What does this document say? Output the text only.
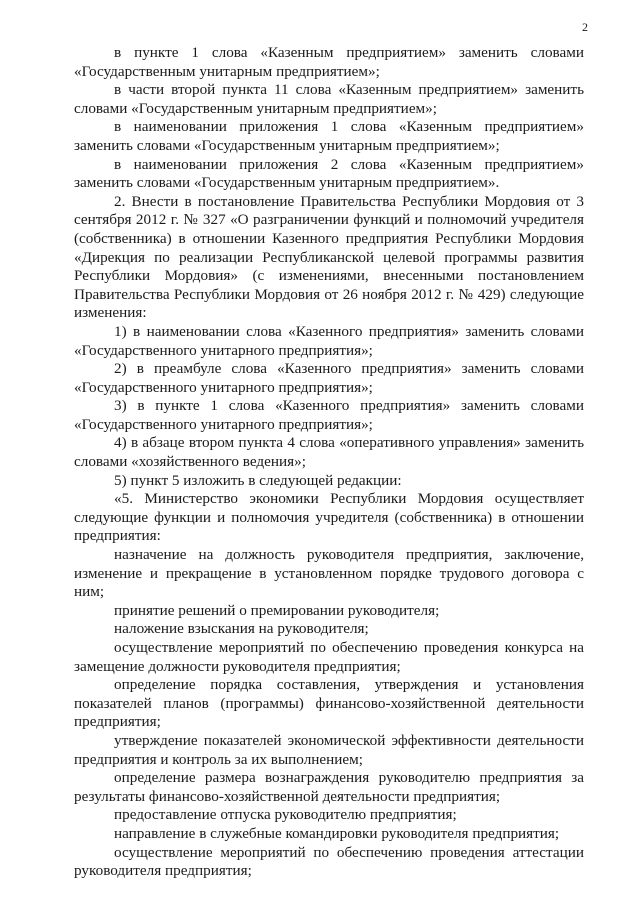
2

в пункте 1 слова «Казенным предприятием» заменить словами «Государственным унитарным предприятием»;

в части второй пункта 11 слова «Казенным предприятием» заменить словами «Государственным унитарным предприятием»;

в наименовании приложения 1 слова «Казенным предприятием» заменить словами «Государственным унитарным предприятием»;

в наименовании приложения 2 слова «Казенным предприятием» заменить словами «Государственным унитарным предприятием».

2. Внести в постановление Правительства Республики Мордовия от 3 сентября 2012 г. № 327 «О разграничении функций и полномочий учредителя (собственника) в отношении Казенного предприятия Республики Мордовия «Дирекция по реализации Республиканской целевой программы развития Республики Мордовия» (с изменениями, внесенными постановлением Правительства Республики Мордовия от 26 ноября 2012 г. № 429) следующие изменения:

1) в наименовании слова «Казенного предприятия» заменить словами «Государственного унитарного предприятия»;

2) в преамбуле слова «Казенного предприятия» заменить словами «Государственного унитарного предприятия»;

3) в пункте 1 слова «Казенного предприятия» заменить словами «Государственного унитарного предприятия»;

4) в абзаце втором пункта 4 слова «оперативного управления» заменить словами «хозяйственного ведения»;

5) пункт 5 изложить в следующей редакции:

«5. Министерство экономики Республики Мордовия осуществляет следующие функции и полномочия учредителя (собственника) в отношении предприятия:

назначение на должность руководителя предприятия, заключение, изменение и прекращение в установленном порядке трудового договора с ним;

принятие решений о премировании руководителя;

наложение взыскания на руководителя;

осуществление мероприятий по обеспечению проведения конкурса на замещение должности руководителя предприятия;

определение порядка составления, утверждения и установления показателей планов (программы) финансово-хозяйственной деятельности предприятия;

утверждение показателей экономической эффективности деятельности предприятия и контроль за их выполнением;

определение размера вознаграждения руководителю предприятия за результаты финансово-хозяйственной деятельности предприятия;

предоставление отпуска руководителю предприятия;

направление в служебные командировки руководителя предприятия;

осуществление мероприятий по обеспечению проведения аттестации руководителя предприятия;
